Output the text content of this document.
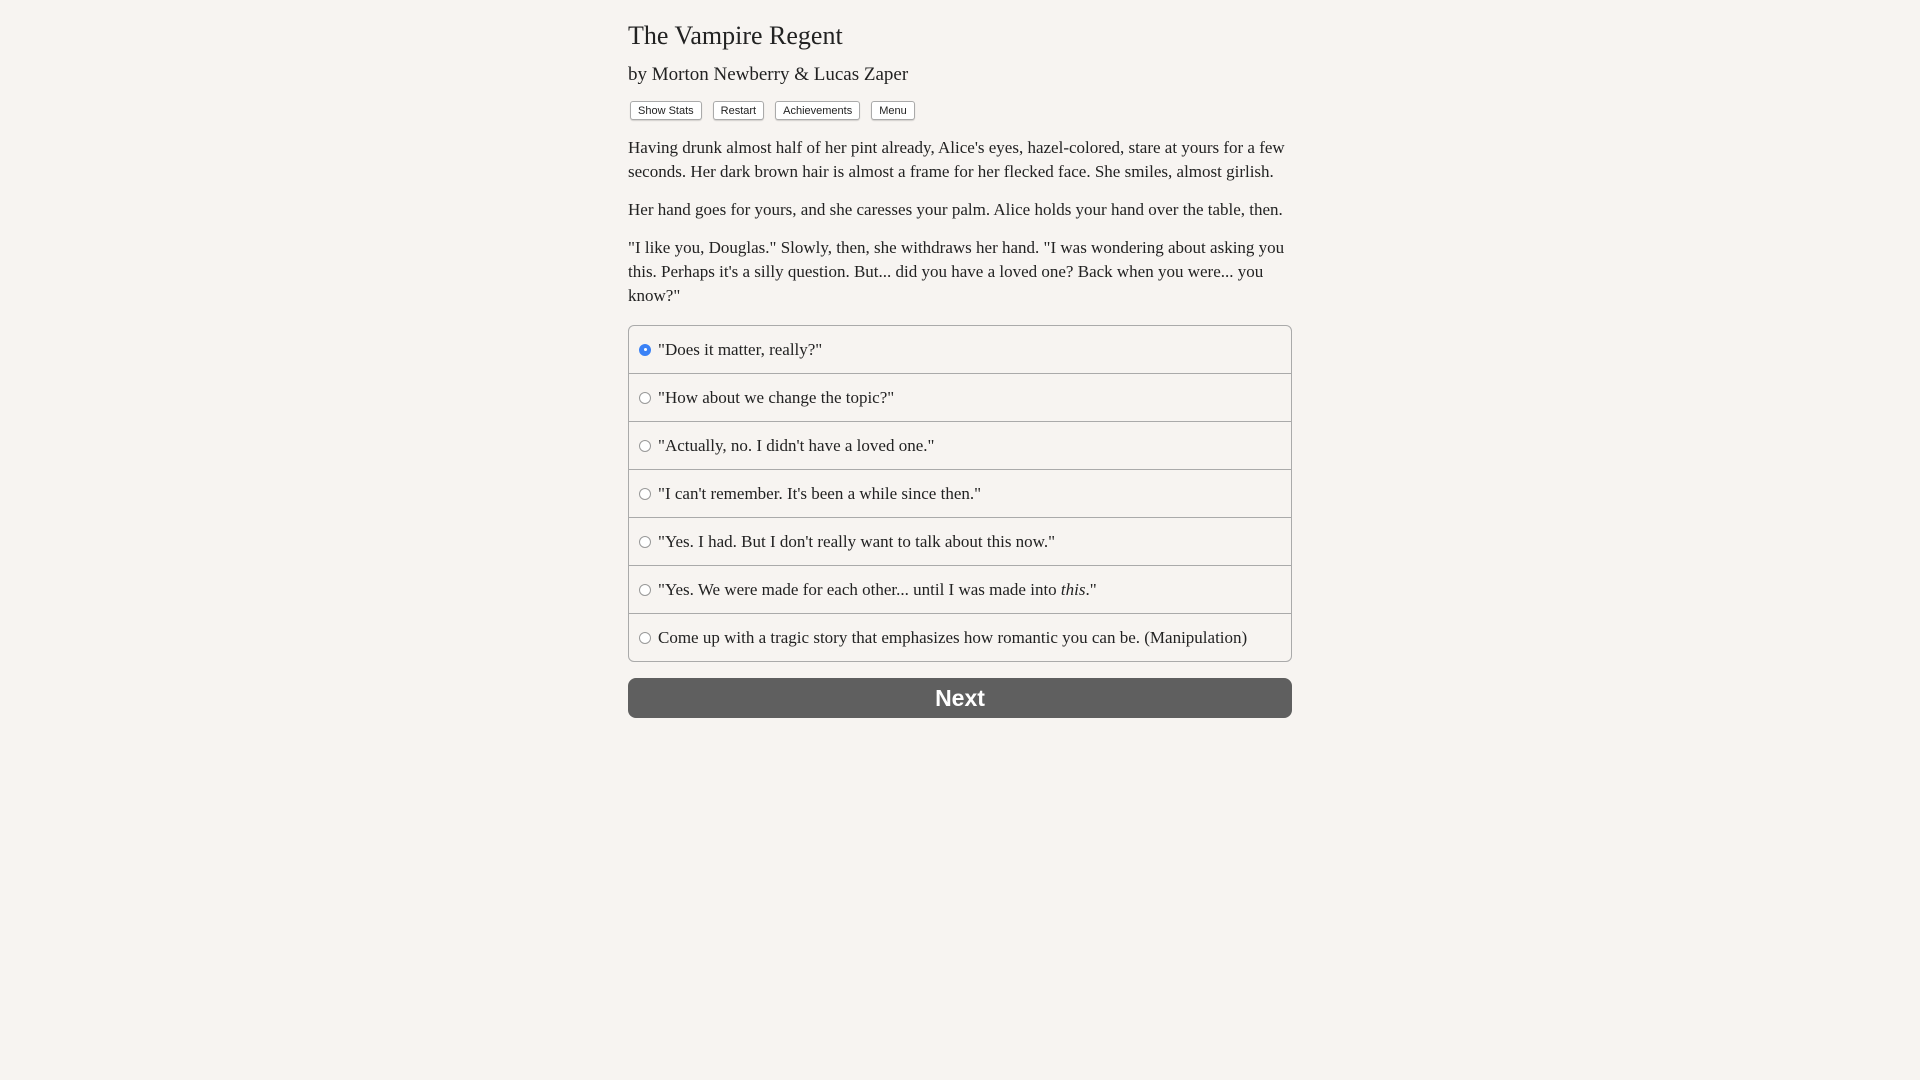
The Vampire Regent
by Morton Newberry & Lucas Zaper
Show Stats	Restart	Achievements	Menu

Having drunk almost half of her pint already, Alice's eyes, hazel-colored, stare at yours for a few seconds. Her dark brown hair is almost a frame for her flecked face. She smiles, almost girlish.

Her hand goes for yours, and she caresses your palm. Alice holds your hand over the table, then.

"I like you, Douglas." Slowly, then, she withdraws her hand. "I was wondering about asking you this. Perhaps it's a silly question. But... did you have a loved one? Back when you were... you know?"

"Does it matter, really?"
"How about we change the topic?"
"Actually, no. I didn't have a loved one."
"I can't remember. It's been a while since then."
"Yes. I had. But I don't really want to talk about this now."
"Yes. We were made for each other... until I was made into this."
Come up with a tragic story that emphasizes how romantic you can be. (Manipulation)
Next
